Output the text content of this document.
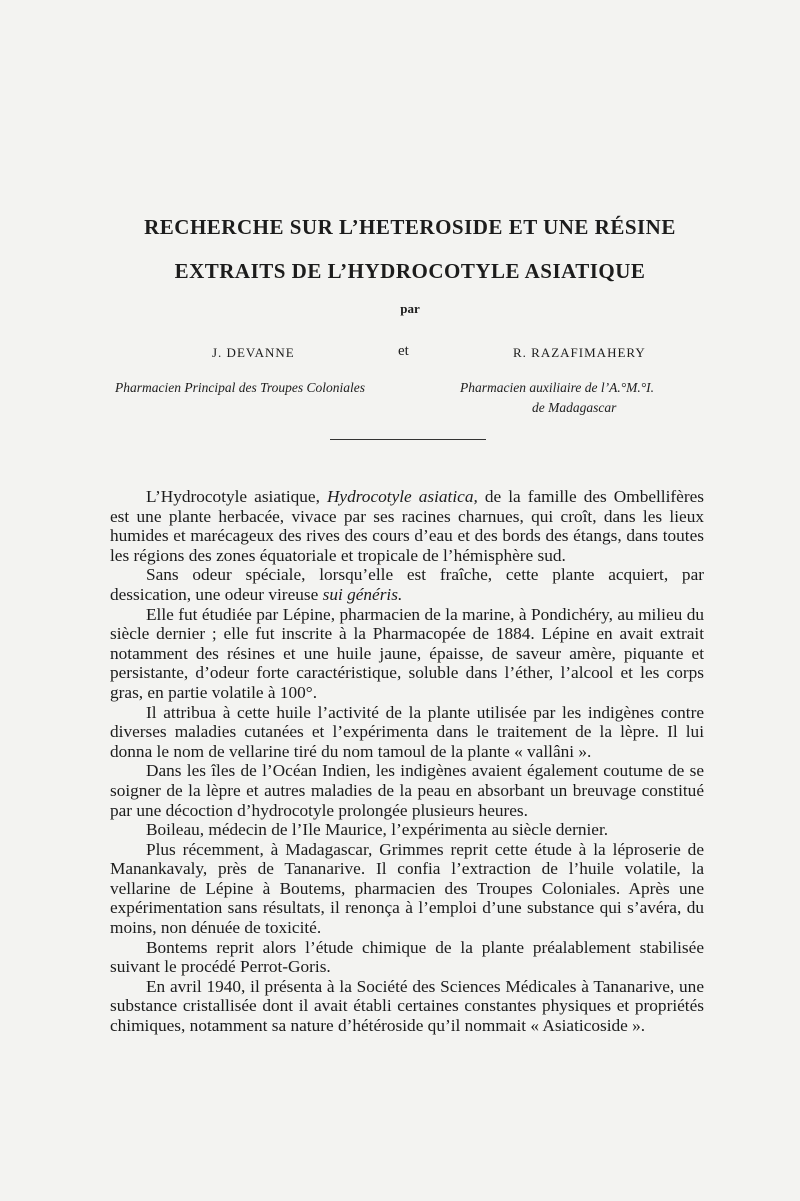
RECHERCHE SUR L’HETEROSIDE ET UNE RÉSINE
EXTRAITS DE L’HYDROCOTYLE ASIATIQUE
par
J. DEVANNE	et	R. RAZAFIMAHERY
Pharmacien Principal des Troupes Coloniales	Pharmacien auxiliaire de l’A.°M.°I.
de Madagascar

L’Hydrocotyle asiatique, Hydrocotyle asiatica, de la famille des Ombellifères est une plante herbacée, vivace par ses racines charnues, qui croît, dans les lieux humides et marécageux des rives des cours d’eau et des bords des étangs, dans toutes les régions des zones équatoriale et tropicale de l’hémisphère sud.

Sans odeur spéciale, lorsqu’elle est fraîche, cette plante acquiert, par dessication, une odeur vireuse sui généris.

Elle fut étudiée par Lépine, pharmacien de la marine, à Pondichéry, au milieu du siècle dernier ; elle fut inscrite à la Pharmacopée de 1884. Lépine en avait extrait notamment des résines et une huile jaune, épaisse, de saveur amère, piquante et persistante, d’odeur forte caractéristique, soluble dans l’éther, l’alcool et les corps gras, en partie volatile à 100°.

Il attribua à cette huile l’activité de la plante utilisée par les indigènes contre diverses maladies cutanées et l’expérimenta dans le traitement de la lèpre. Il lui donna le nom de vellarine tiré du nom tamoul de la plante « vallâni ».

Dans les îles de l’Océan Indien, les indigènes avaient également coutume de se soigner de la lèpre et autres maladies de la peau en absorbant un breuvage constitué par une décoction d’hydrocotyle prolongée plusieurs heures.

Boileau, médecin de l’Ile Maurice, l’expérimenta au siècle dernier.

Plus récemment, à Madagascar, Grimmes reprit cette étude à la léproserie de Manankavaly, près de Tananarive. Il confia l’extraction de l’huile volatile, la vellarine de Lépine à Boutems, pharmacien des Troupes Coloniales. Après une expérimentation sans résultats, il renonça à l’emploi d’une substance qui s’avéra, du moins, non dénuée de toxicité.

Bontems reprit alors l’étude chimique de la plante préalablement stabilisée suivant le procédé Perrot-Goris.

En avril 1940, il présenta à la Société des Sciences Médicales à Tananarive, une substance cristallisée dont il avait établi certaines constantes physiques et propriétés chimiques, notamment sa nature d’hétéroside qu’il nommait « Asiaticoside ».
